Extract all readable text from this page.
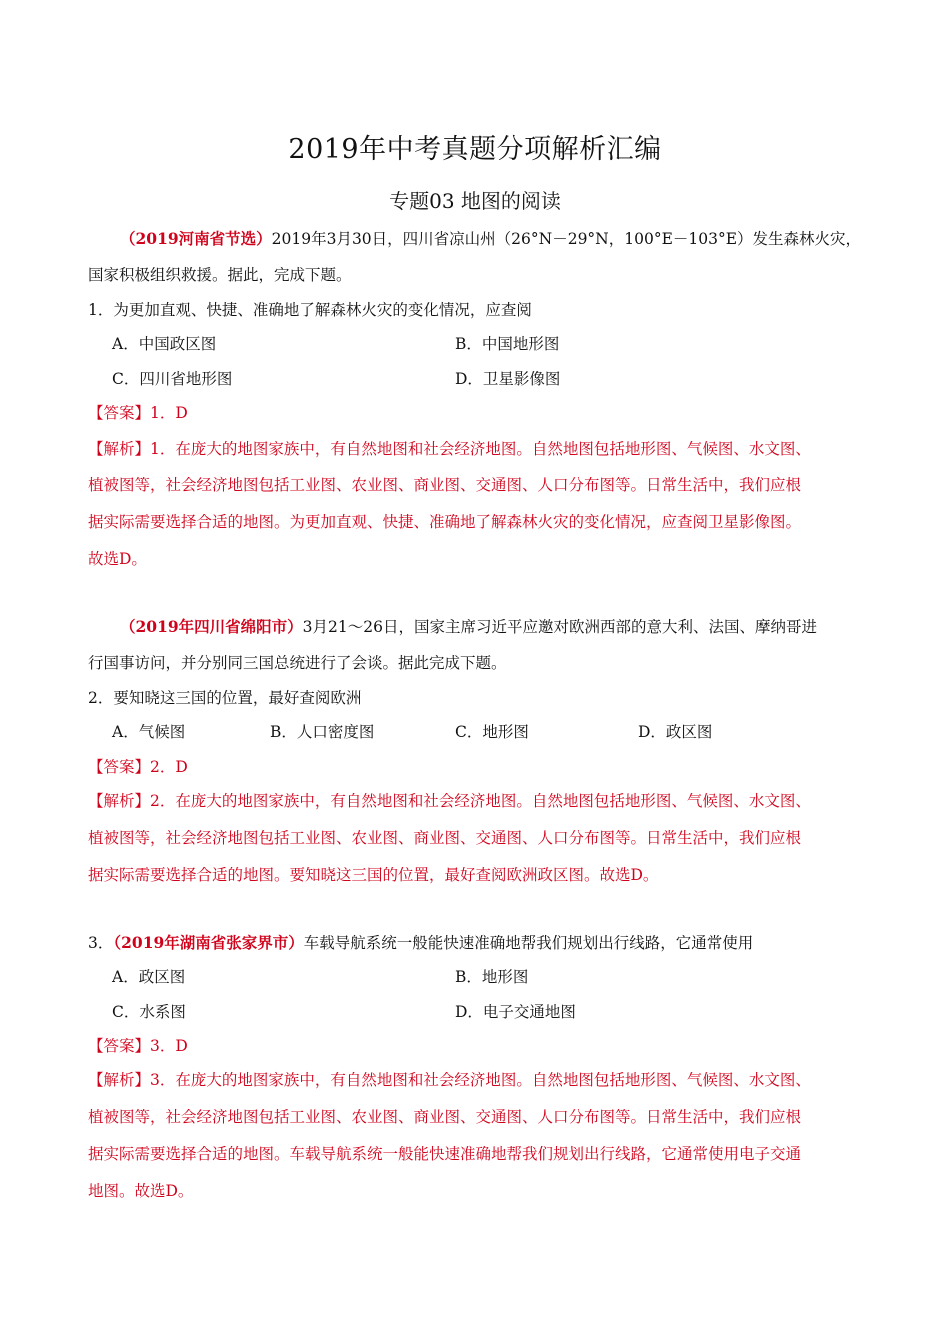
2019年中考真题分项解析汇编
专题03 地图的阅读
（2019河南省节选）2019年3月30日，四川省凉山州（26°N－29°N，100°E－103°E）发生森林火灾，
国家积极组织救援。据此，完成下题。
1．为更加直观、快捷、准确地了解森林火灾的变化情况，应查阅
A．中国政区图	B．中国地形图
C．四川省地形图	D．卫星影像图
【答案】1．D
【解析】1．在庞大的地图家族中，有自然地图和社会经济地图。自然地图包括地形图、气候图、水文图、
植被图等，社会经济地图包括工业图、农业图、商业图、交通图、人口分布图等。日常生活中，我们应根
据实际需要选择合适的地图。为更加直观、快捷、准确地了解森林火灾的变化情况，应查阅卫星影像图。
故选D。
（2019年四川省绵阳市）3月21～26日，国家主席习近平应邀对欧洲西部的意大利、法国、摩纳哥进
行国事访问，并分别同三国总统进行了会谈。据此完成下题。
2．要知晓这三国的位置，最好查阅欧洲
A．气候图	B．人口密度图	C．地形图	D．政区图
【答案】2．D
【解析】2．在庞大的地图家族中，有自然地图和社会经济地图。自然地图包括地形图、气候图、水文图、
植被图等，社会经济地图包括工业图、农业图、商业图、交通图、人口分布图等。日常生活中，我们应根
据实际需要选择合适的地图。要知晓这三国的位置，最好查阅欧洲政区图。故选D。
3．（2019年湖南省张家界市）车载导航系统一般能快速准确地帮我们规划出行线路，它通常使用
A．政区图	B．地形图
C．水系图	D．电子交通地图
【答案】3．D
【解析】3．在庞大的地图家族中，有自然地图和社会经济地图。自然地图包括地形图、气候图、水文图、
植被图等，社会经济地图包括工业图、农业图、商业图、交通图、人口分布图等。日常生活中，我们应根
据实际需要选择合适的地图。车载导航系统一般能快速准确地帮我们规划出行线路，它通常使用电子交通
地图。故选D。
